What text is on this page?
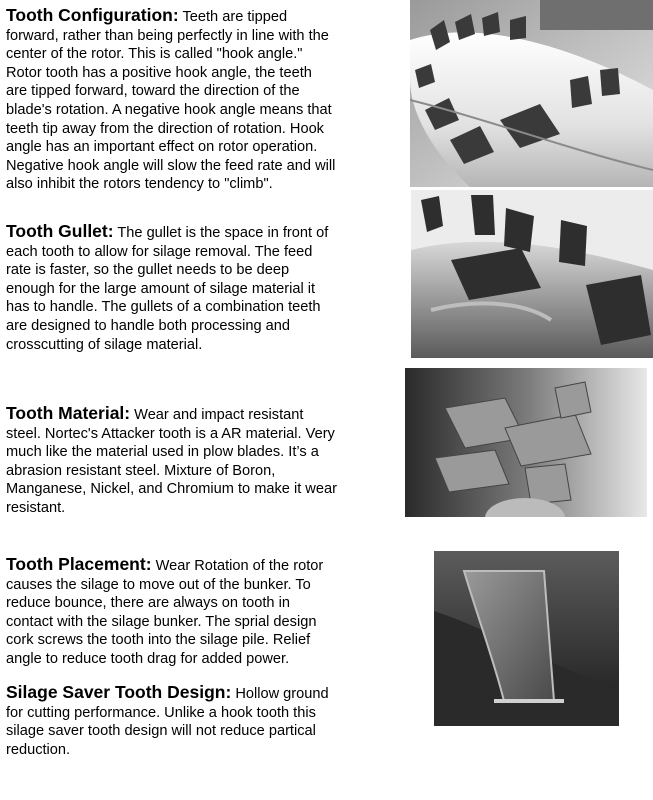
Tooth Configuration: Teeth are tipped forward, rather than being perfectly in line with the center of the rotor. This is called "hook angle." Rotor tooth has a positive hook angle, the teeth are tipped forward, toward the direction of the blade's rotation. A negative hook angle means that teeth tip away from the direction of rotation. Hook angle has an important effect on rotor operation. Negative hook angle will slow the feed rate and will also inhibit the rotors tendency to "climb".
Tooth Gullet: The gullet is the space in front of each tooth to allow for silage removal. The feed rate is faster, so the gullet needs to be deep enough for the large amount of silage material it has to handle. The gullets of a combination teeth are designed to handle both processing and crosscutting of silage material.
Tooth Material: Wear and impact resistant steel. Nortec's Attacker tooth is a AR material. Very much like the material used in plow blades. It’s a abrasion resistant steel. Mixture of Boron, Manganese, Nickel, and Chromium to make it wear resistant.
Tooth Placement: Wear Rotation of the rotor causes the silage to move out of the bunker. To reduce bounce, there are always on tooth in contact with the silage bunker. The sprial design cork screws the tooth into the silage pile. Relief angle to reduce tooth drag for added power.
Silage Saver Tooth Design: Hollow ground for cutting performance. Unlike a hook tooth this silage saver tooth design will not reduce partical reduction.
